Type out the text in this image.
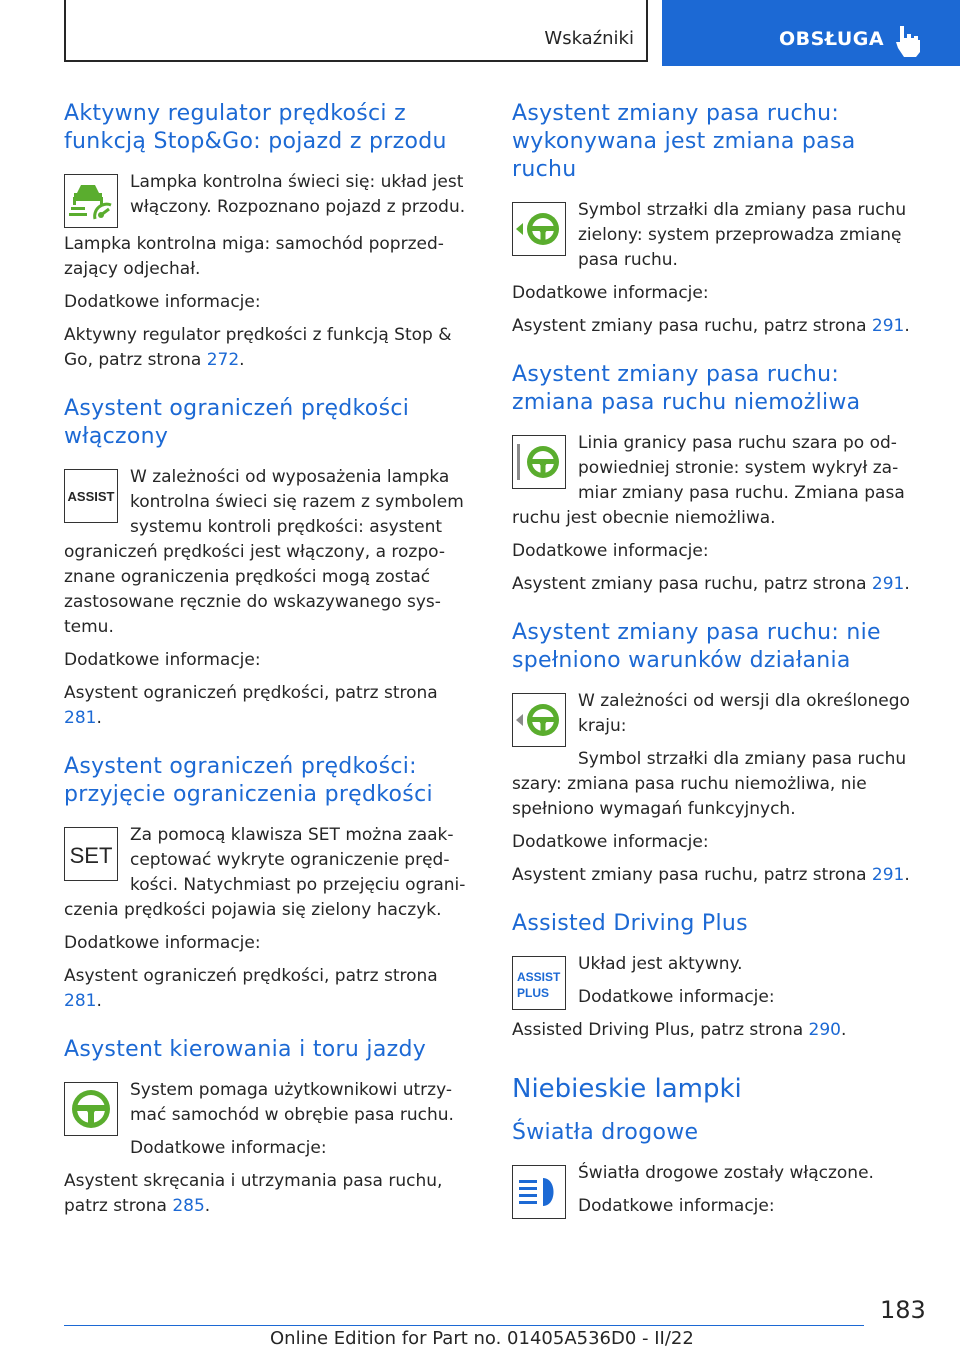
Wskaźniki	OBSŁUGA
Aktywny regulator prędkości z funkcją Stop&Go: pojazd z przodu

Lampka kontrolna świeci się: układ jest włączony. Rozpoznano pojazd z przodu.

Lampka kontrolna miga: samochód poprzed-zający odjechał.

Dodatkowe informacje:

Aktywny regulator prędkości z funkcją Stop & Go, patrz strona 272.

Asystent ograniczeń prędkości włączony
ASSIST

W zależności od wyposażenia lampka kontrolna świeci się razem z symbolem systemu kontroli prędkości: asystent ograniczeń prędkości jest włączony, a rozpo-znane ograniczenia prędkości mogą zostać zastosowane ręcznie do wskazywanego sys-temu.

Dodatkowe informacje:

Asystent ograniczeń prędkości, patrz strona 281.

Asystent ograniczeń prędkości: przyjęcie ograniczenia prędkości
SET

Za pomocą klawisza SET można zaak-ceptować wykryte ograniczenie pręd-kości. Natychmiast po przejęciu ograni-czenia prędkości pojawia się zielony haczyk.

Dodatkowe informacje:

Asystent ograniczeń prędkości, patrz strona 281.

Asystent kierowania i toru jazdy

System pomaga użytkownikowi utrzy-mać samochód w obrębie pasa ruchu.

Dodatkowe informacje:

Asystent skręcania i utrzymania pasa ruchu, patrz strona 285.

Asystent zmiany pasa ruchu: wykonywana jest zmiana pasa ruchu

Symbol strzałki dla zmiany pasa ruchu zielony: system przeprowadza zmianę pasa ruchu.

Dodatkowe informacje:

Asystent zmiany pasa ruchu, patrz strona 291.

Asystent zmiany pasa ruchu: zmiana pasa ruchu niemożliwa

Linia granicy pasa ruchu szara po od-powiedniej stronie: system wykrył za-miar zmiany pasa ruchu. Zmiana pasa ruchu jest obecnie niemożliwa.

Dodatkowe informacje:

Asystent zmiany pasa ruchu, patrz strona 291.

Asystent zmiany pasa ruchu: nie spełniono warunków działania

W zależności od wersji dla określonego kraju:

Symbol strzałki dla zmiany pasa ruchu szary: zmiana pasa ruchu niemożliwa, nie spełniono wymagań funkcyjnych.

Dodatkowe informacje:

Asystent zmiany pasa ruchu, patrz strona 291.

Assisted Driving Plus
ASSIST
PLUS

Układ jest aktywny.

Dodatkowe informacje:

Assisted Driving Plus, patrz strona 290.

Niebieskie lampki
Światła drogowe

Światła drogowe zostały włączone.

Dodatkowe informacje:

183
Online Edition for Part no. 01405A536D0 - II/22
